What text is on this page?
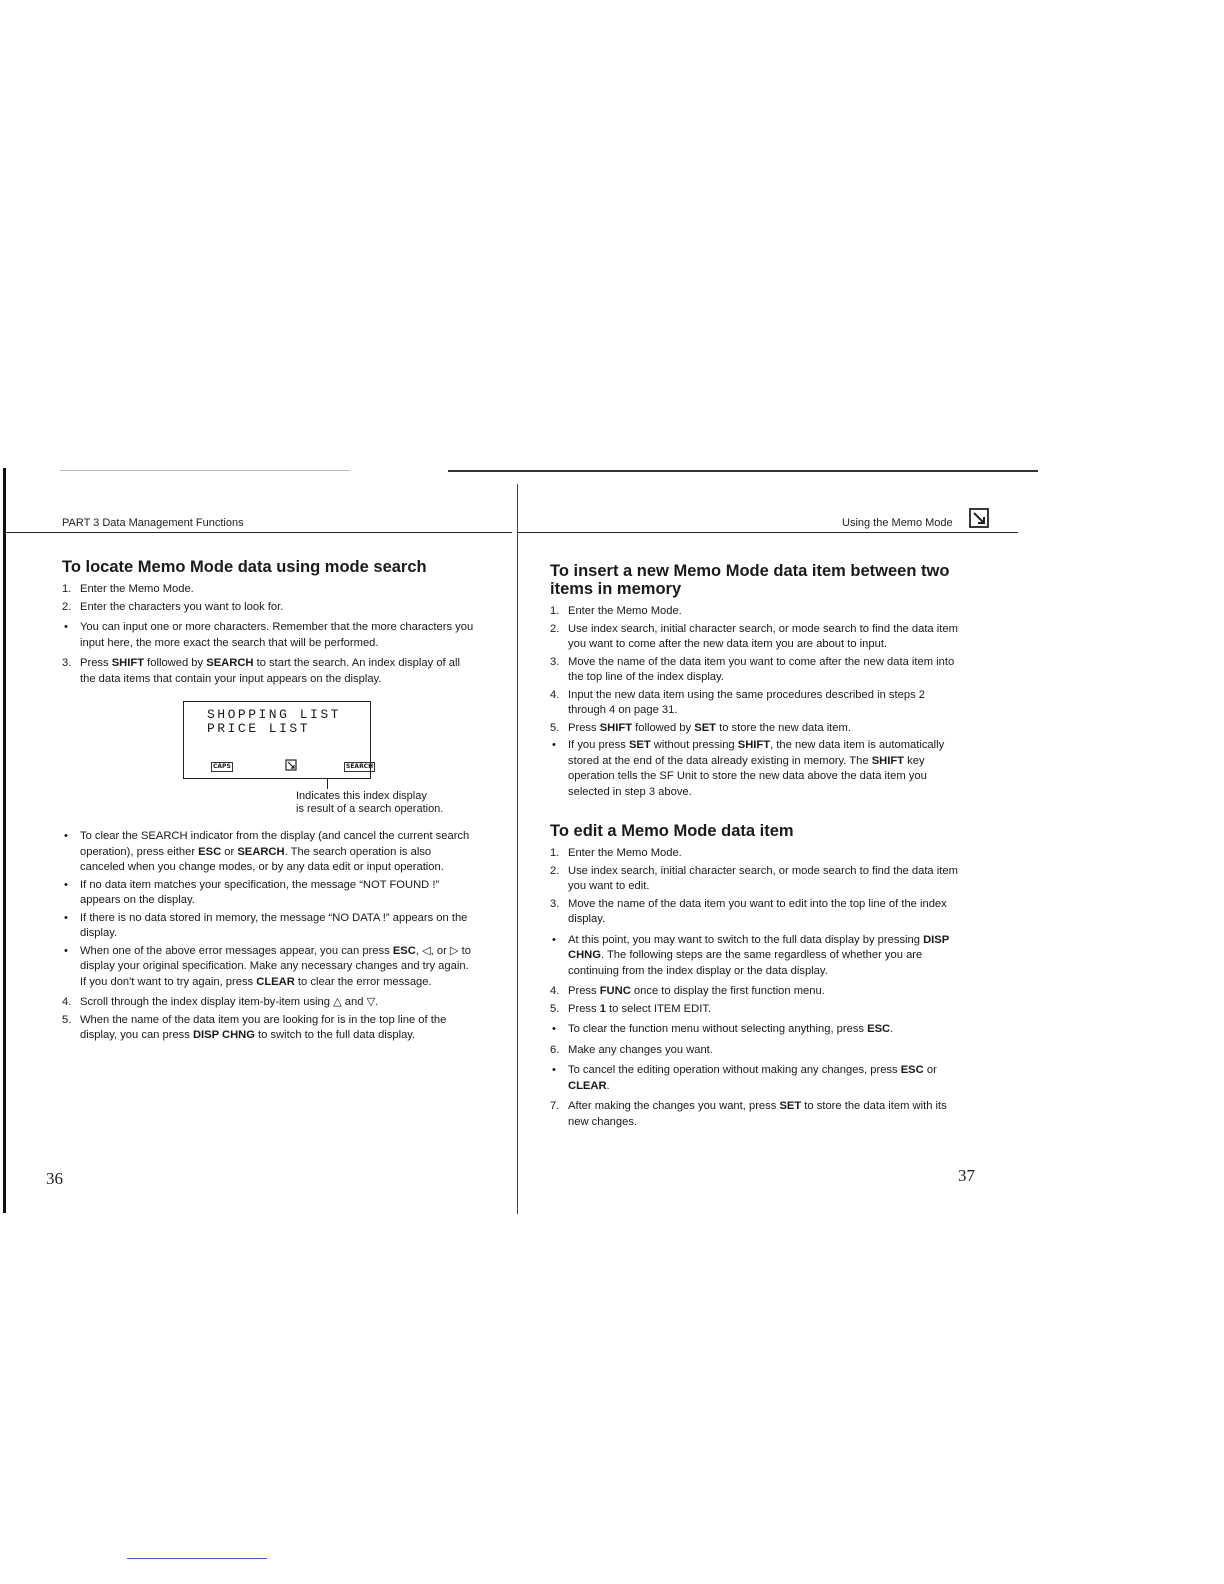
PART 3 Data Management Functions
To locate Memo Mode data using mode search
1. Enter the Memo Mode.
2. Enter the characters you want to look for.
• You can input one or more characters. Remember that the more characters you input here, the more exact the search that will be performed.
3. Press SHIFT followed by SEARCH to start the search. An index display of all the data items that contain your input appears on the display.
SHOPPING LIST
PRICE LIST
CAPS	SEARCH
Indicates this index display
is result of a search operation.
• To clear the SEARCH indicator from the display (and cancel the current search operation), press either ESC or SEARCH. The search operation is also canceled when you change modes, or by any data edit or input operation.
• If no data item matches your specification, the message “NOT FOUND !” appears on the display.
• If there is no data stored in memory, the message “NO DATA !” appears on the display.
• When one of the above error messages appear, you can press ESC, ◁, or ▷ to display your original specification. Make any necessary changes and try again. If you don't want to try again, press CLEAR to clear the error message.
4. Scroll through the index display item-by-item using △ and ▽.
5. When the name of the data item you are looking for is in the top line of the display, you can press DISP CHNG to switch to the full data display.
36
Using the Memo Mode
To insert a new Memo Mode data item between two items in memory
1. Enter the Memo Mode.
2. Use index search, initial character search, or mode search to find the data item you want to come after the new data item you are about to input.
3. Move the name of the data item you want to come after the new data item into the top line of the index display.
4. Input the new data item using the same procedures described in steps 2 through 4 on page 31.
5. Press SHIFT followed by SET to store the new data item.
• If you press SET without pressing SHIFT, the new data item is automatically stored at the end of the data already existing in memory. The SHIFT key operation tells the SF Unit to store the new data above the data item you selected in step 3 above.
To edit a Memo Mode data item
1. Enter the Memo Mode.
2. Use index search, initial character search, or mode search to find the data item you want to edit.
3. Move the name of the data item you want to edit into the top line of the index display.
• At this point, you may want to switch to the full data display by pressing DISP CHNG. The following steps are the same regardless of whether you are continuing from the index display or the data display.
4. Press FUNC once to display the first function menu.
5. Press 1 to select ITEM EDIT.
• To clear the function menu without selecting anything, press ESC.
6. Make any changes you want.
• To cancel the editing operation without making any changes, press ESC or CLEAR.
7. After making the changes you want, press SET to store the data item with its new changes.
37
